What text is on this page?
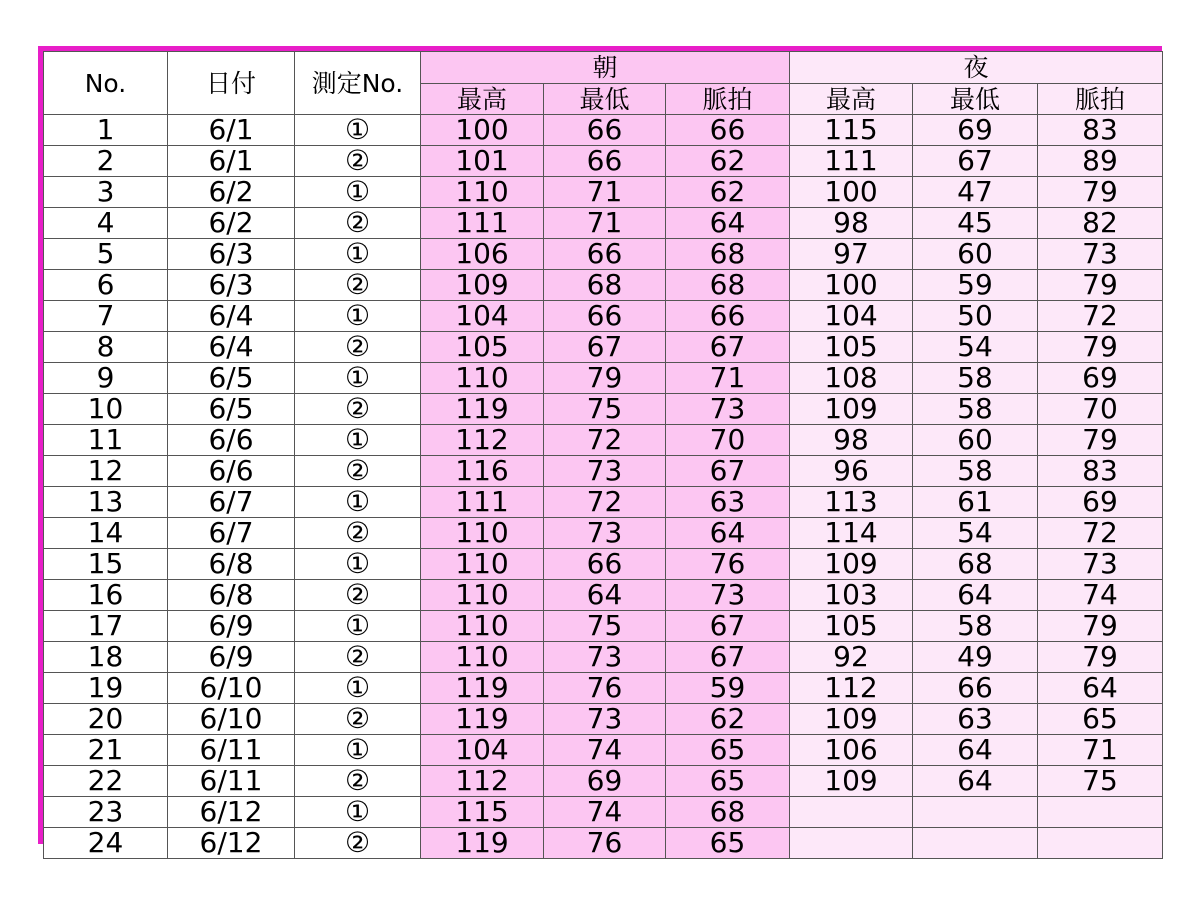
No.	日付	測定No.	朝			夜		
			最高	最低	脈拍	最高	最低	脈拍
1	6/1	①	100	66	66	115	69	83
2	6/1	②	101	66	62	111	67	89
3	6/2	①	110	71	62	100	47	79
4	6/2	②	111	71	64	98	45	82
5	6/3	①	106	66	68	97	60	73
6	6/3	②	109	68	68	100	59	79
7	6/4	①	104	66	66	104	50	72
8	6/4	②	105	67	67	105	54	79
9	6/5	①	110	79	71	108	58	69
10	6/5	②	119	75	73	109	58	70
11	6/6	①	112	72	70	98	60	79
12	6/6	②	116	73	67	96	58	83
13	6/7	①	111	72	63	113	61	69
14	6/7	②	110	73	64	114	54	72
15	6/8	①	110	66	76	109	68	73
16	6/8	②	110	64	73	103	64	74
17	6/9	①	110	75	67	105	58	79
18	6/9	②	110	73	67	92	49	79
19	6/10	①	119	76	59	112	66	64
20	6/10	②	119	73	62	109	63	65
21	6/11	①	104	74	65	106	64	71
22	6/11	②	112	69	65	109	64	75
23	6/12	①	115	74	68			
24	6/12	②	119	76	65			
